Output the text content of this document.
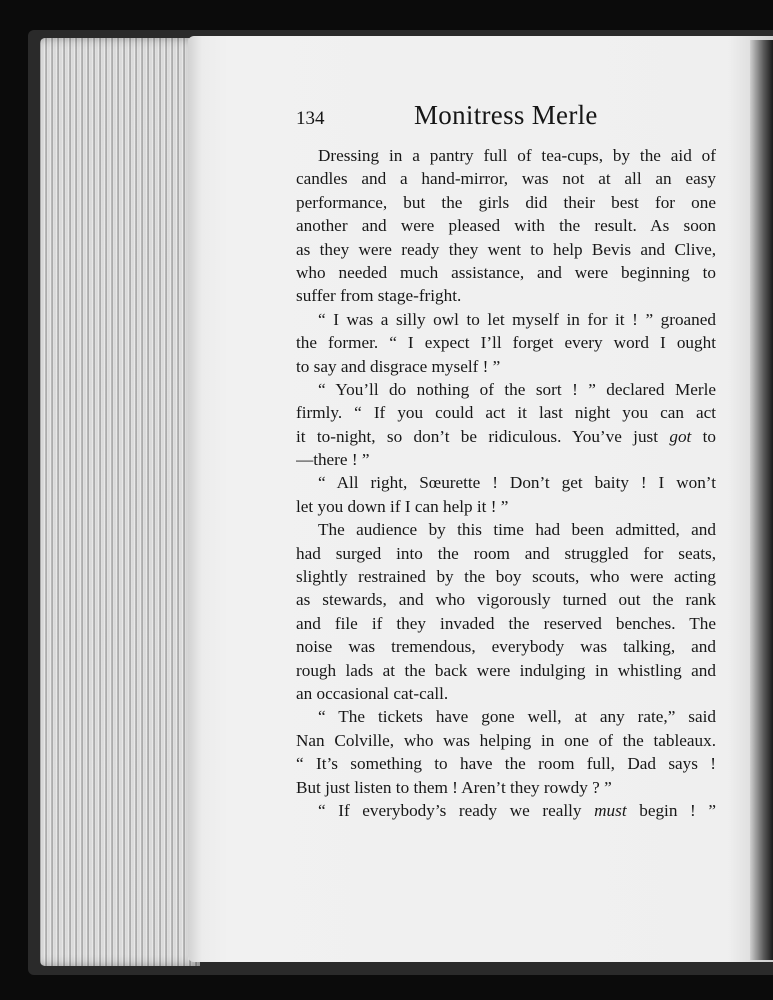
134	Monitress Merle
Dressing in a pantry full of tea-cups, by the aid of
candles and a hand-mirror, was not at all an easy
performance, but the girls did their best for one
another and were pleased with the result. As soon
as they were ready they went to help Bevis and Clive,
who needed much assistance, and were beginning to
suffer from stage-fright.
“ I was a silly owl to let myself in for it ! ” groaned
the former. “ I expect I’ll forget every word I ought
to say and disgrace myself ! ”
“ You’ll do nothing of the sort ! ” declared Merle
firmly. “ If you could act it last night you can act
it to-night, so don’t be ridiculous. You’ve just got to
—there ! ”
“ All right, Sœurette ! Don’t get baity ! I won’t
let you down if I can help it ! ”
The audience by this time had been admitted, and
had surged into the room and struggled for seats,
slightly restrained by the boy scouts, who were acting
as stewards, and who vigorously turned out the rank
and file if they invaded the reserved benches. The
noise was tremendous, everybody was talking, and
rough lads at the back were indulging in whistling and
an occasional cat-call.
“ The tickets have gone well, at any rate,” said
Nan Colville, who was helping in one of the tableaux.
“ It’s something to have the room full, Dad says !
But just listen to them ! Aren’t they rowdy ? ”
“ If everybody’s ready we really must begin ! ”
